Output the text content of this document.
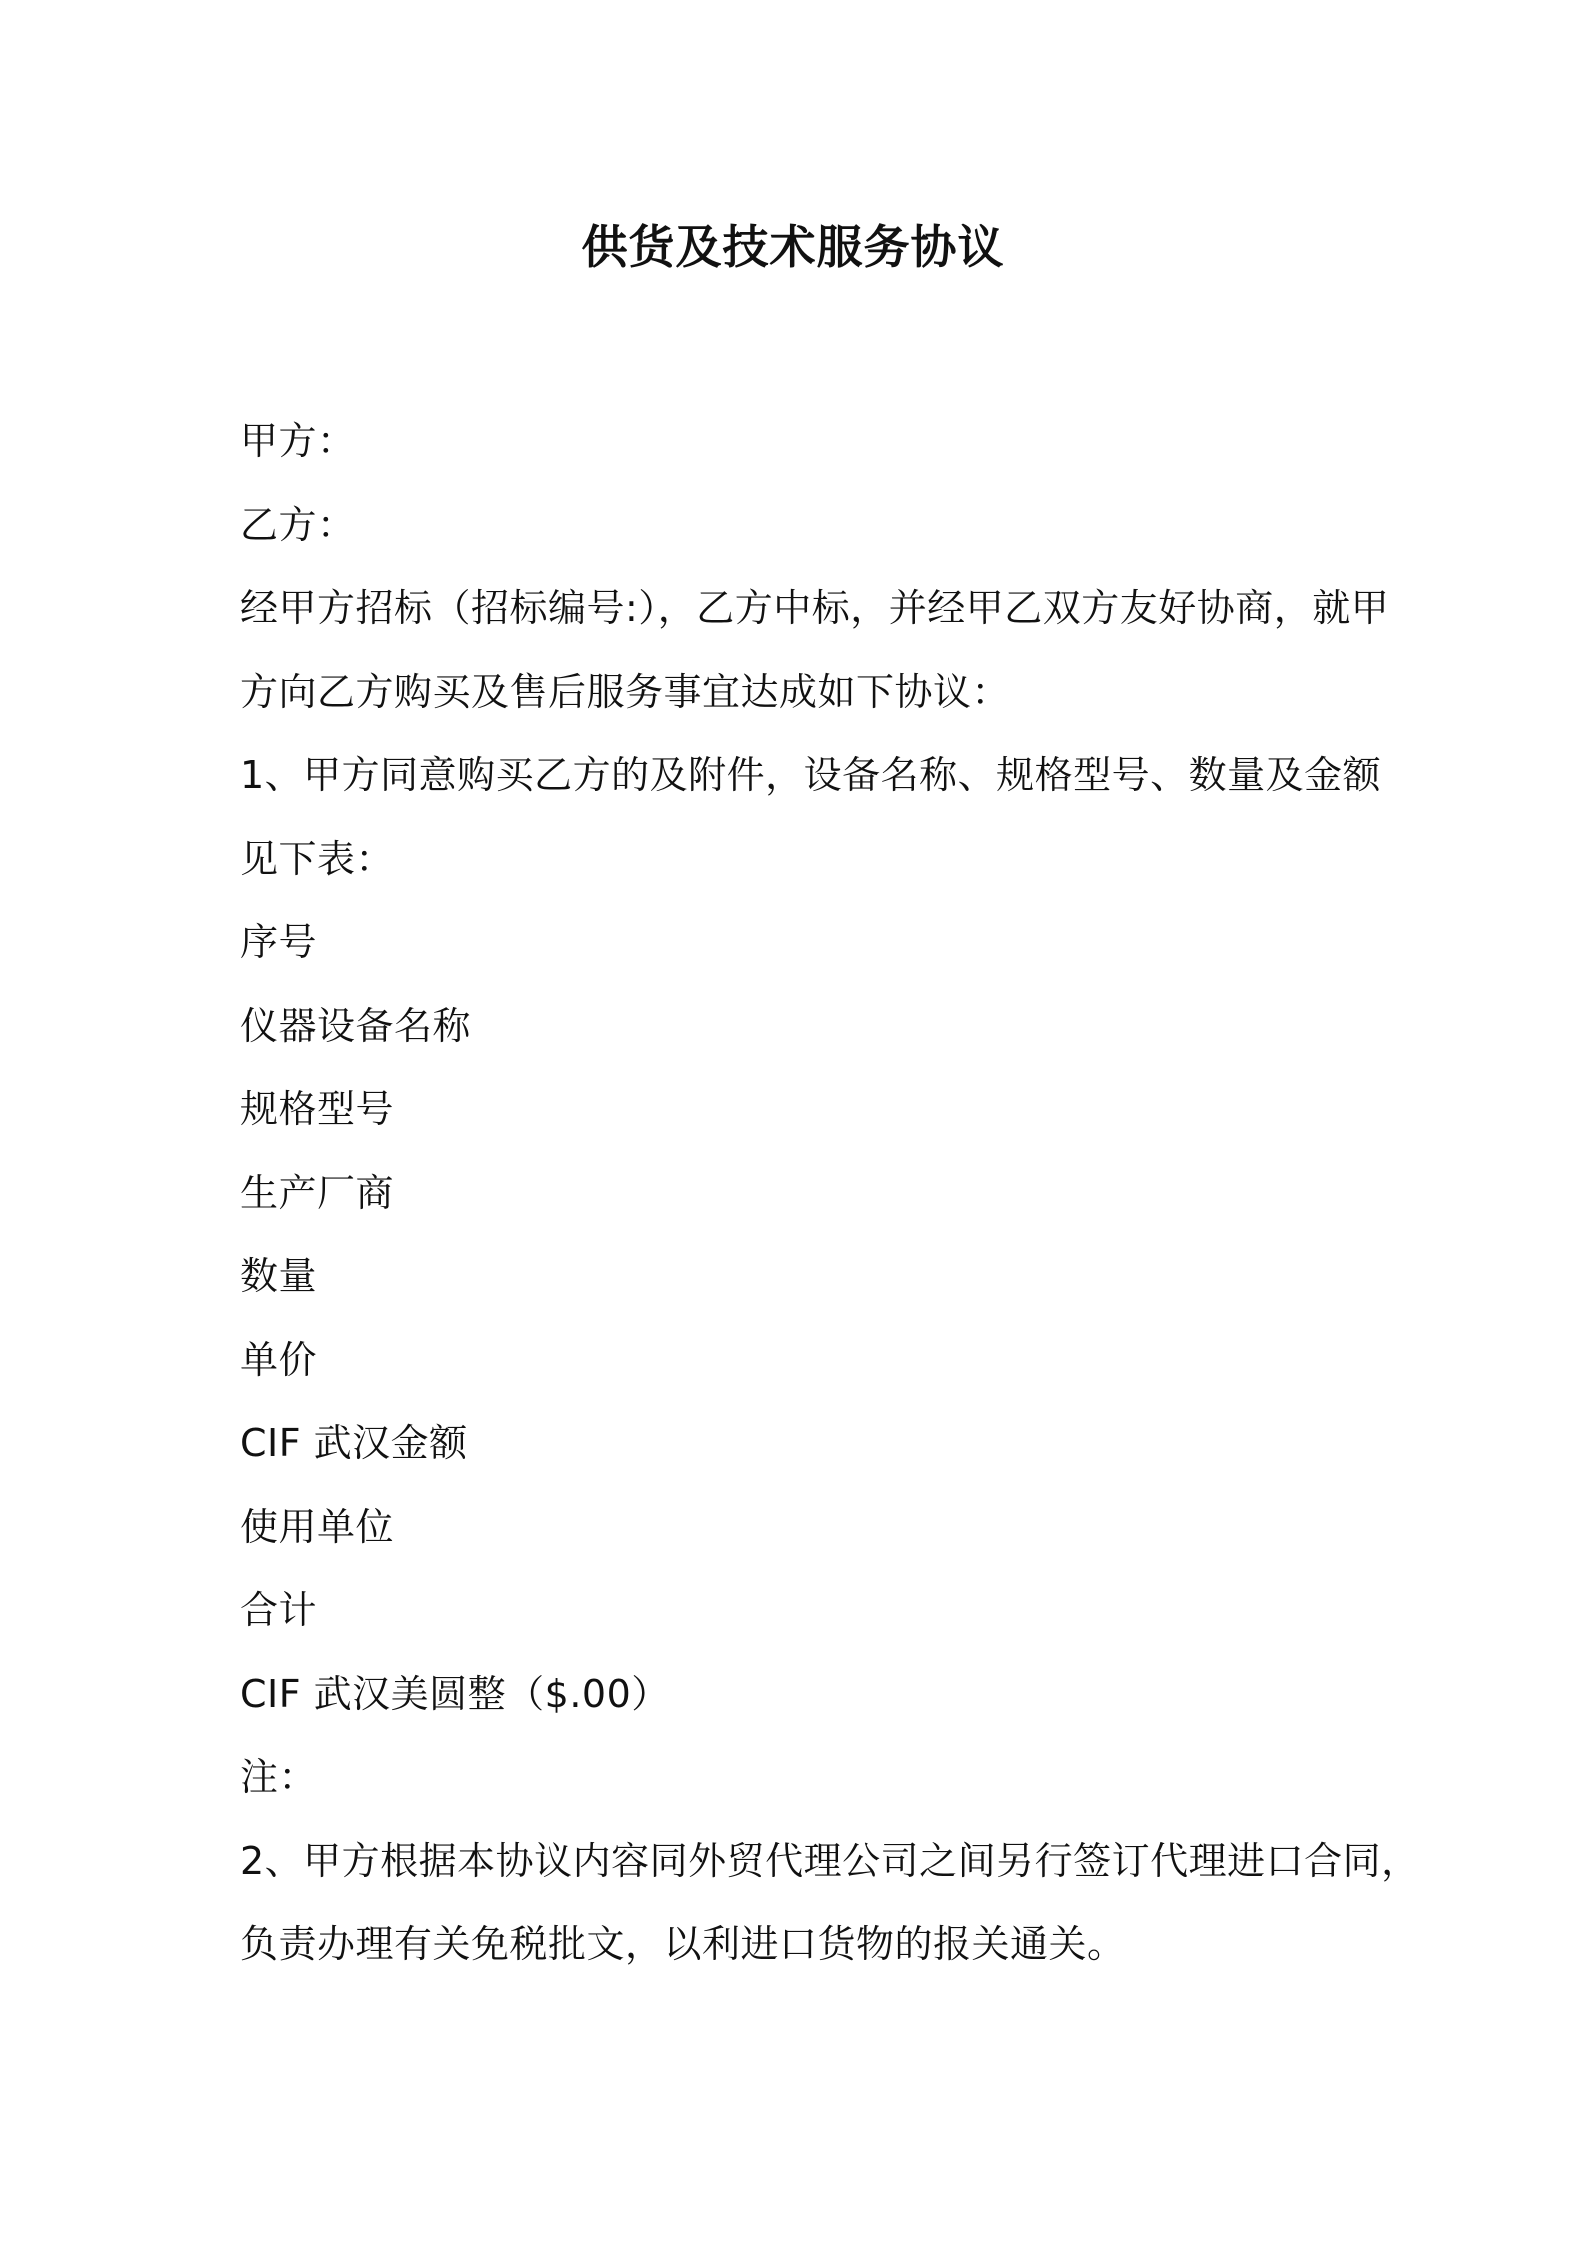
供货及技术服务协议
甲方：
乙方：
经甲方招标（招标编号:），乙方中标，并经甲乙双方友好协商，就甲
方向乙方购买及售后服务事宜达成如下协议：
1、甲方同意购买乙方的及附件，设备名称、规格型号、数量及金额
见下表：
序号
仪器设备名称
规格型号
生产厂商
数量
单价
CIF 武汉金额
使用单位
合计
CIF 武汉美圆整（$.00）
注：
2、甲方根据本协议内容同外贸代理公司之间另行签订代理进口合同，
负责办理有关免税批文，以利进口货物的报关通关。
